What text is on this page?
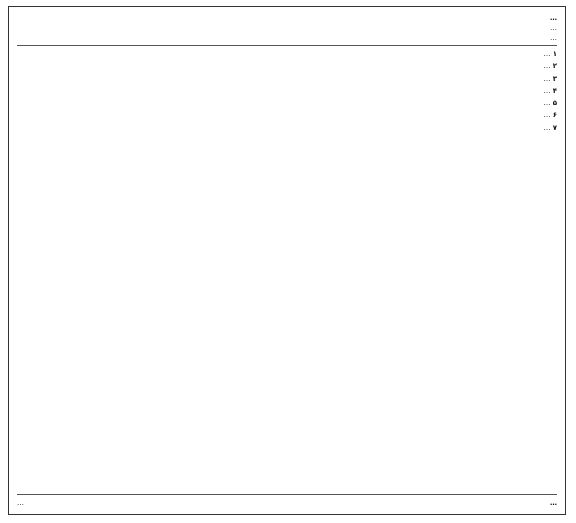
…
…
…

۱ …

۲ …

۳ …

۴ …

۵ …

۶ …

۷ …

…
…
